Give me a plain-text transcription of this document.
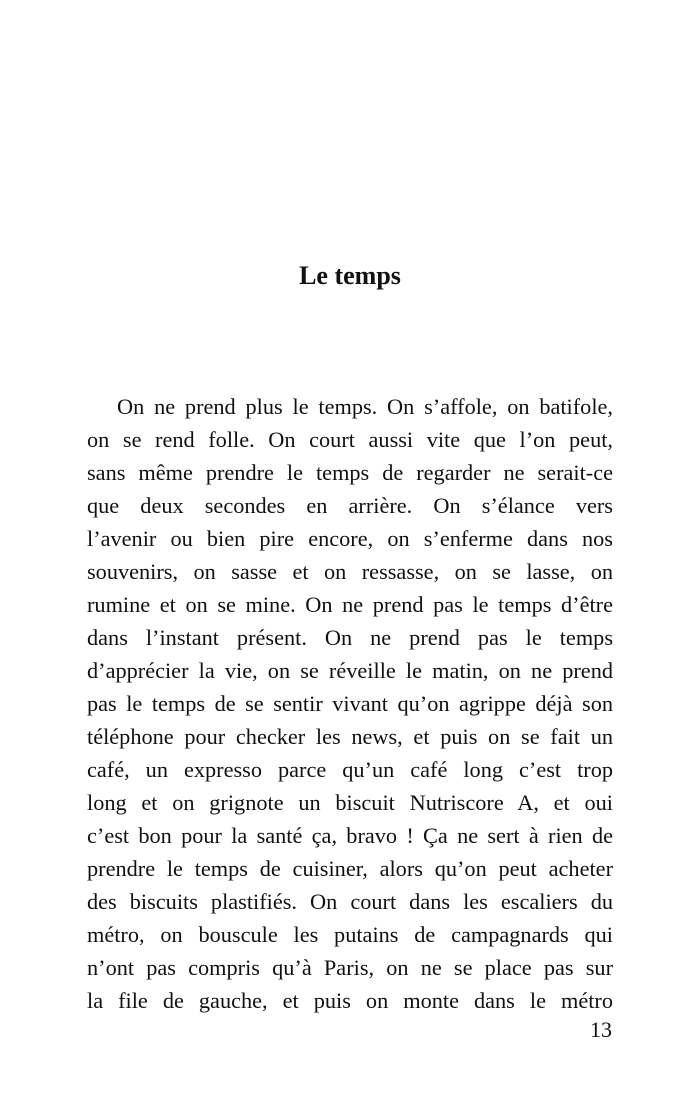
Le temps
On ne prend plus le temps. On s’affole, on batifole,
on se rend folle. On court aussi vite que l’on peut,
sans même prendre le temps de regarder ne serait-ce
que deux secondes en arrière. On s’élance vers
l’avenir ou bien pire encore, on s’enferme dans nos
souvenirs, on sasse et on ressasse, on se lasse, on
rumine et on se mine. On ne prend pas le temps d’être
dans l’instant présent. On ne prend pas le temps
d’apprécier la vie, on se réveille le matin, on ne prend
pas le temps de se sentir vivant qu’on agrippe déjà son
téléphone pour checker les news, et puis on se fait un
café, un expresso parce qu’un café long c’est trop
long et on grignote un biscuit Nutriscore A, et oui
c’est bon pour la santé ça, bravo ! Ça ne sert à rien de
prendre le temps de cuisiner, alors qu’on peut acheter
des biscuits plastifiés. On court dans les escaliers du
métro, on bouscule les putains de campagnards qui
n’ont pas compris qu’à Paris, on ne se place pas sur
la file de gauche, et puis on monte dans le métro
13
